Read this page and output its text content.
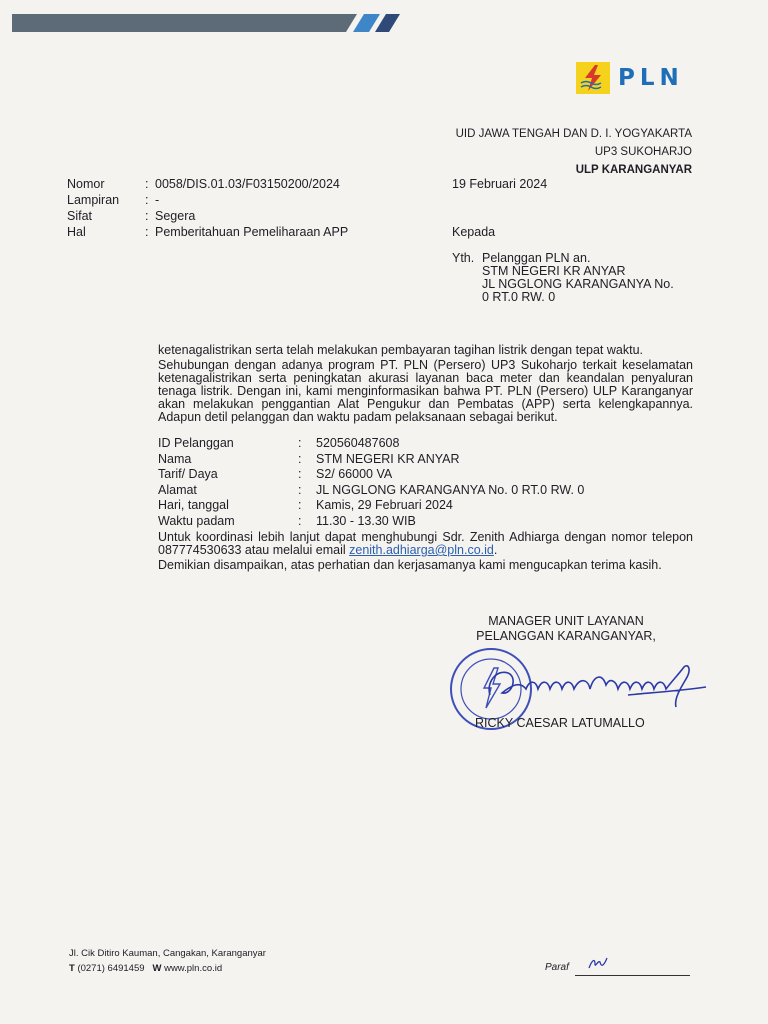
PLN
UID JAWA TENGAH DAN D. I. YOGYAKARTA
UP3 SUKOHARJO
ULP KARANGANYAR
Nomor	: 0058/DIS.01.03/F03150200/2024
Lampiran	: -
Sifat	: Segera
Hal	: Pemberitahuan Pemeliharaan APP
19 Februari 2024
Kepada
Yth. Pelanggan PLN an.
STM NEGERI KR ANYAR
JL NGGLONG KARANGANYA No.
0 RT.0 RW. 0
ketenagalistrikan serta telah melakukan pembayaran tagihan listrik dengan tepat waktu.
Sehubungan dengan adanya program PT. PLN (Persero) UP3 Sukoharjo terkait keselamatan ketenagalistrikan serta peningkatan akurasi layanan baca meter dan keandalan penyaluran tenaga listrik. Dengan ini, kami menginformasikan bahwa PT. PLN (Persero) ULP Karanganyar akan melakukan penggantian Alat Pengukur dan Pembatas (APP) serta kelengkapannya. Adapun detil pelanggan dan waktu padam pelaksanaan sebagai berikut.
ID Pelanggan	:	520560487608
Nama	:	STM NEGERI KR ANYAR
Tarif/ Daya	:	S2/ 66000 VA
Alamat	:	JL NGGLONG KARANGANYA No. 0 RT.0 RW. 0
Hari, tanggal	:	Kamis, 29 Februari 2024
Waktu padam	:	11.30 - 13.30 WIB
Untuk koordinasi lebih lanjut dapat menghubungi Sdr. Zenith Adhiarga dengan nomor telepon 087774530633 atau melalui email zenith.adhiarga@pln.co.id.
Demikian disampaikan, atas perhatian dan kerjasamanya kami mengucapkan terima kasih.
MANAGER UNIT LAYANAN
PELANGGAN KARANGANYAR,
RICKY CAESAR LATUMALLO
Jl. Cik Ditiro Kauman, Cangakan, Karanganyar
T (0271) 6491459 W www.pln.co.id	Paraf
